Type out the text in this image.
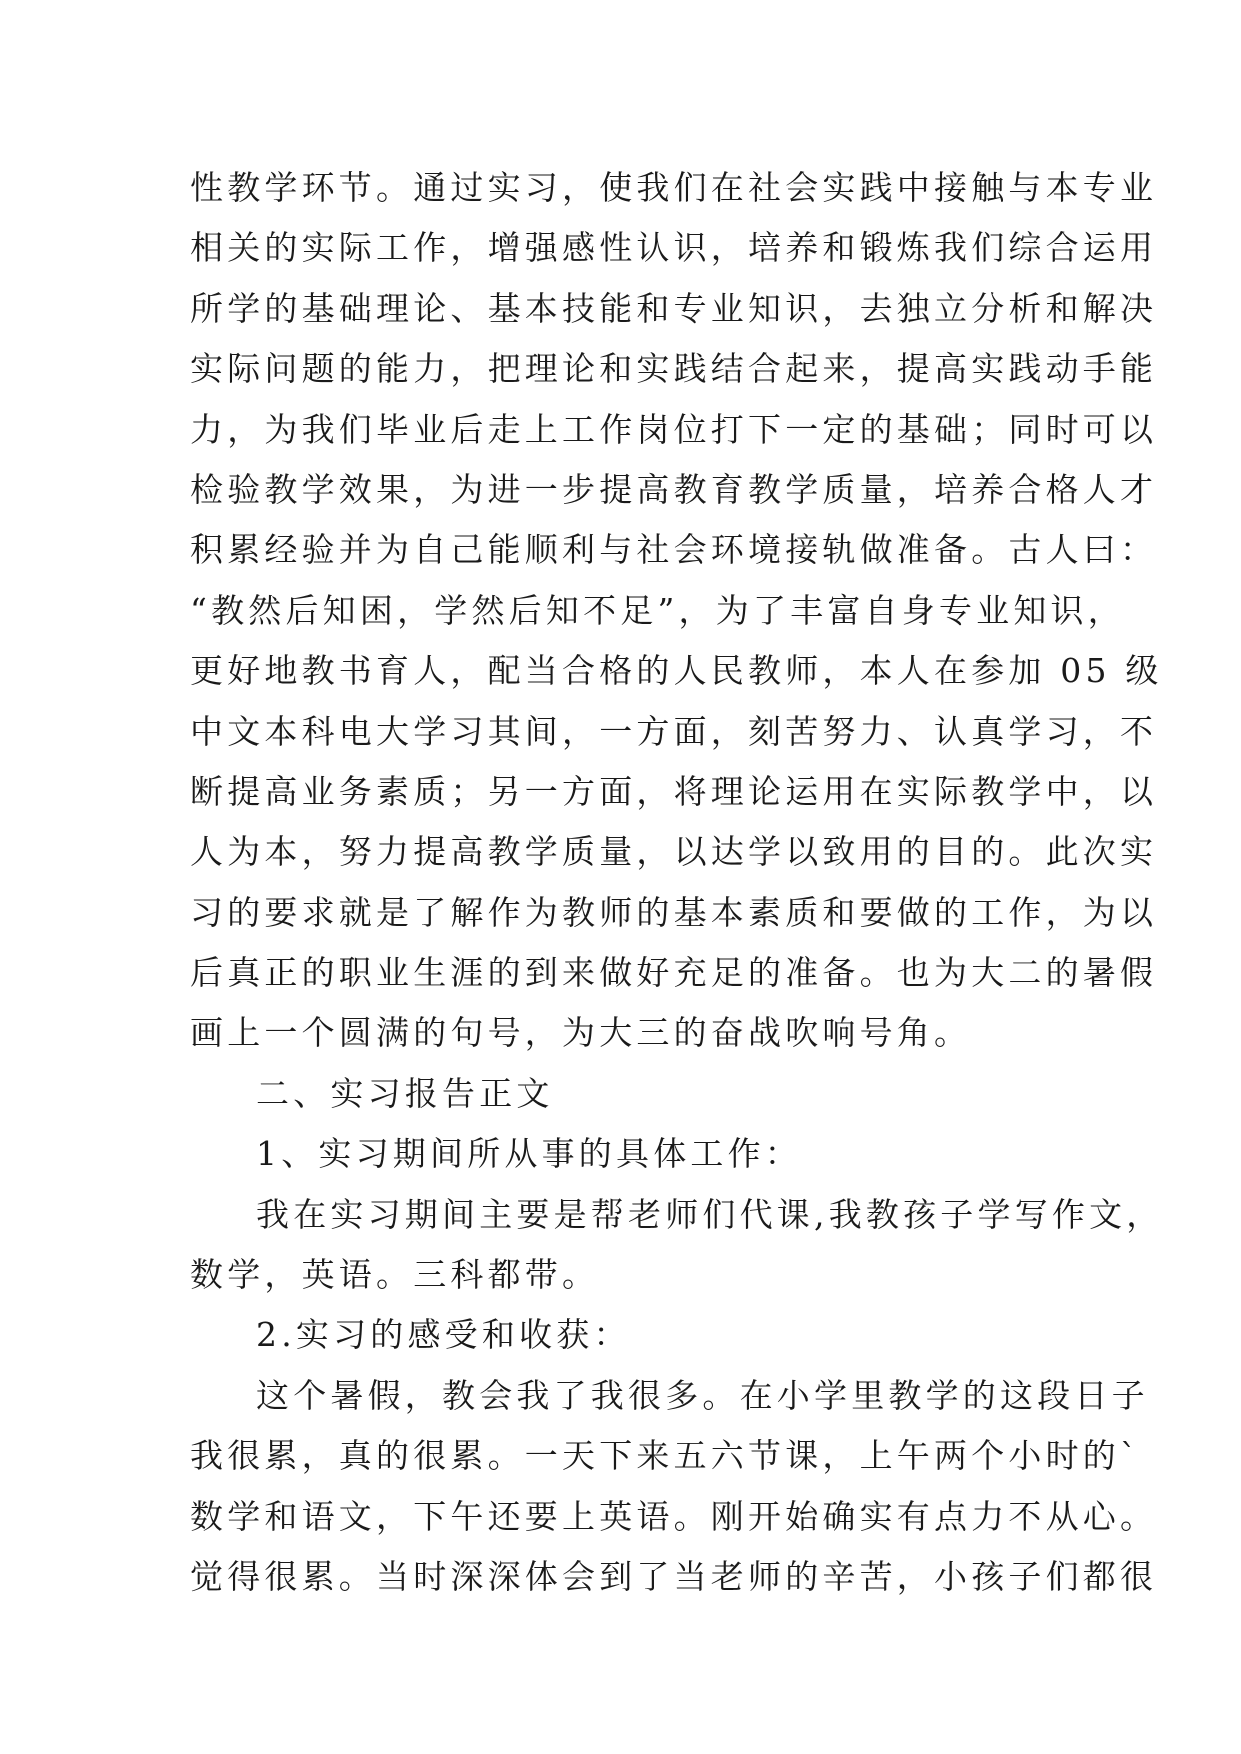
性教学环节。通过实习，使我们在社会实践中接触与本专业
相关的实际工作，增强感性认识，培养和锻炼我们综合运用
所学的基础理论、基本技能和专业知识，去独立分析和解决
实际问题的能力，把理论和实践结合起来，提高实践动手能
力，为我们毕业后走上工作岗位打下一定的基础；同时可以
检验教学效果，为进一步提高教育教学质量，培养合格人才
积累经验并为自己能顺利与社会环境接轨做准备。古人曰：
“教然后知困，学然后知不足”，为了丰富自身专业知识，
更好地教书育人，配当合格的人民教师，本人在参加 05 级
中文本科电大学习其间，一方面，刻苦努力、认真学习，不
断提高业务素质；另一方面，将理论运用在实际教学中，以
人为本，努力提高教学质量，以达学以致用的目的。此次实
习的要求就是了解作为教师的基本素质和要做的工作，为以
后真正的职业生涯的到来做好充足的准备。也为大二的暑假
画上一个圆满的句号，为大三的奋战吹响号角。
二、实习报告正文
1、实习期间所从事的具体工作：
我在实习期间主要是帮老师们代课,我教孩子学写作文，
数学，英语。三科都带。
2.实习的感受和收获：
这个暑假，教会我了我很多。在小学里教学的这段日子
我很累，真的很累。一天下来五六节课，上午两个小时的`
数学和语文，下午还要上英语。刚开始确实有点力不从心。
觉得很累。当时深深体会到了当老师的辛苦，小孩子们都很
